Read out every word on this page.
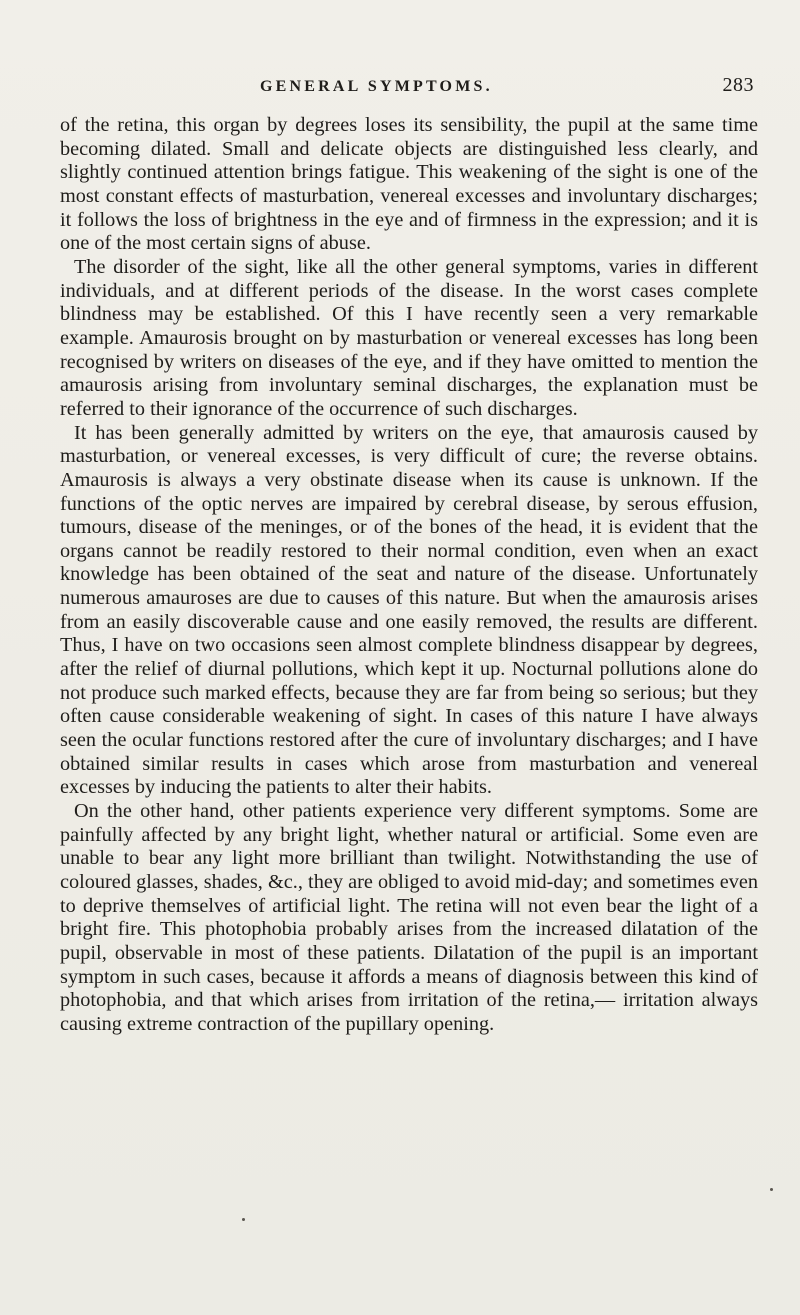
GENERAL SYMPTOMS.	283

of the retina, this organ by degrees loses its sensibility, the pupil at the same time becoming dilated. Small and delicate objects are distinguished less clearly, and slightly continued attention brings fatigue. This weakening of the sight is one of the most constant effects of masturbation, venereal excesses and involuntary discharges; it follows the loss of brightness in the eye and of firmness in the expression; and it is one of the most certain signs of abuse.

The disorder of the sight, like all the other general symptoms, varies in different individuals, and at different periods of the disease. In the worst cases complete blindness may be established. Of this I have recently seen a very remarkable example. Amaurosis brought on by masturbation or venereal excesses has long been recognised by writers on diseases of the eye, and if they have omitted to mention the amaurosis arising from involuntary seminal discharges, the explanation must be referred to their ignorance of the occurrence of such discharges.

It has been generally admitted by writers on the eye, that amaurosis caused by masturbation, or venereal excesses, is very difficult of cure; the reverse obtains. Amaurosis is always a very obstinate disease when its cause is unknown. If the functions of the optic nerves are impaired by cerebral disease, by serous effusion, tumours, disease of the meninges, or of the bones of the head, it is evident that the organs cannot be readily restored to their normal condition, even when an exact knowledge has been obtained of the seat and nature of the disease. Unfortunately numerous amauroses are due to causes of this nature. But when the amaurosis arises from an easily discoverable cause and one easily removed, the results are different. Thus, I have on two occasions seen almost complete blindness disappear by degrees, after the relief of diurnal pollutions, which kept it up. Nocturnal pollutions alone do not produce such marked effects, because they are far from being so serious; but they often cause considerable weakening of sight. In cases of this nature I have always seen the ocular functions restored after the cure of involuntary discharges; and I have obtained similar results in cases which arose from masturbation and venereal excesses by inducing the patients to alter their habits.

On the other hand, other patients experience very different symptoms. Some are painfully affected by any bright light, whether natural or artificial. Some even are unable to bear any light more brilliant than twilight. Notwithstanding the use of coloured glasses, shades, &c., they are obliged to avoid mid-day; and sometimes even to deprive themselves of artificial light. The retina will not even bear the light of a bright fire. This photophobia probably arises from the increased dilatation of the pupil, observable in most of these patients. Dilatation of the pupil is an important symptom in such cases, because it affords a means of diagnosis between this kind of photophobia, and that which arises from irritation of the retina,— irritation always causing extreme contraction of the pupillary opening.
